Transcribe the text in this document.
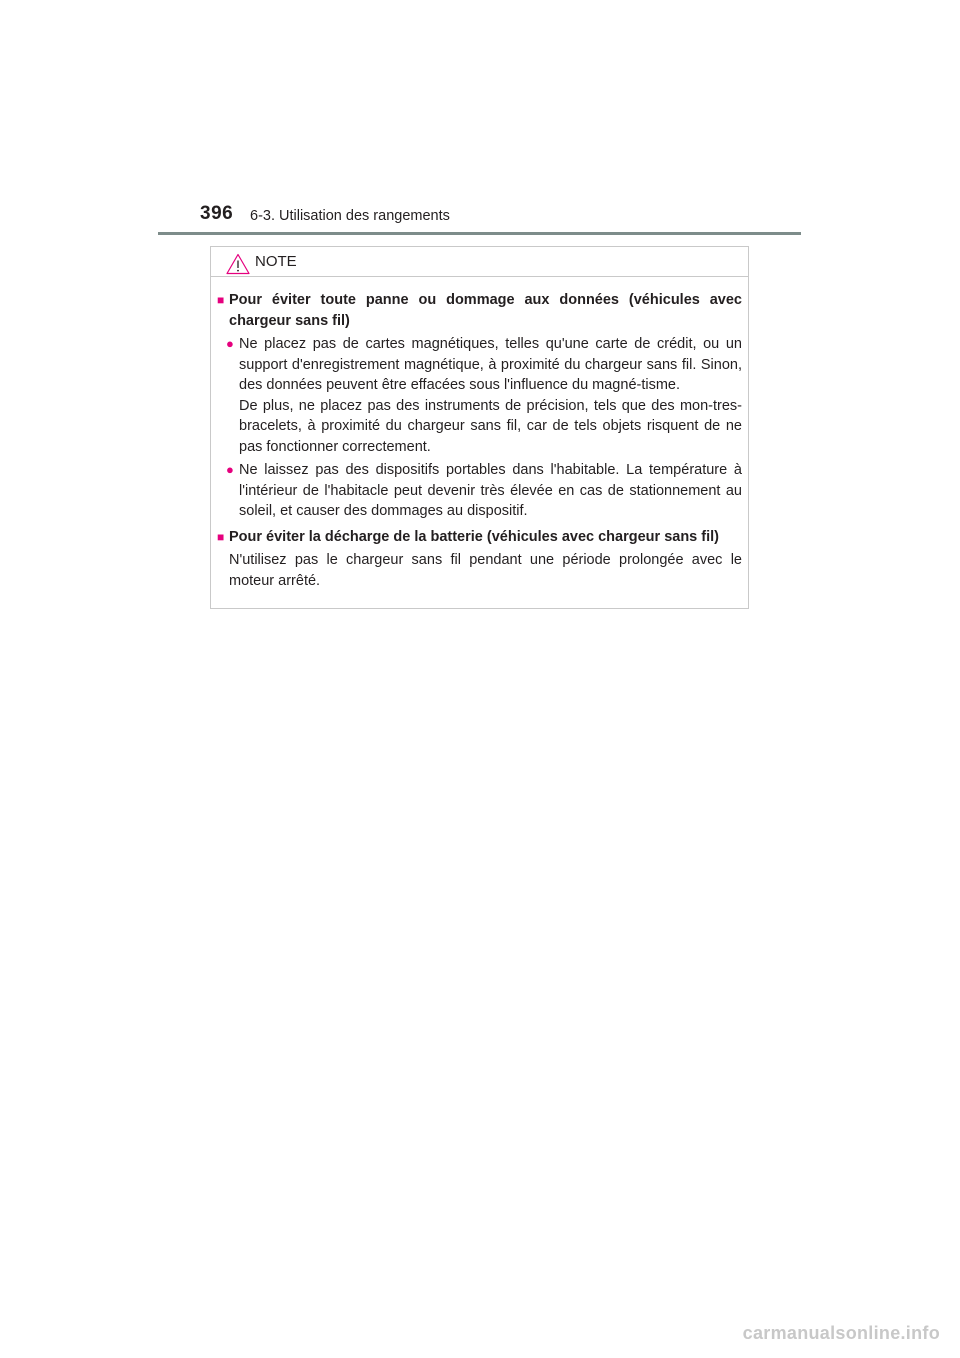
396 6-3. Utilisation des rangements
NOTE
■ Pour éviter toute panne ou dommage aux données (véhicules avec chargeur sans fil)
● Ne placez pas de cartes magnétiques, telles qu'une carte de crédit, ou un support d'enregistrement magnétique, à proximité du chargeur sans fil. Sinon, des données peuvent être effacées sous l'influence du magné-tisme.
De plus, ne placez pas des instruments de précision, tels que des mon-tres-bracelets, à proximité du chargeur sans fil, car de tels objets risquent de ne pas fonctionner correctement.
● Ne laissez pas des dispositifs portables dans l'habitable. La température à l'intérieur de l'habitacle peut devenir très élevée en cas de stationnement au soleil, et causer des dommages au dispositif.
■ Pour éviter la décharge de la batterie (véhicules avec chargeur sans fil)
N'utilisez pas le chargeur sans fil pendant une période prolongée avec le moteur arrêté.
carmanualsonline.info
